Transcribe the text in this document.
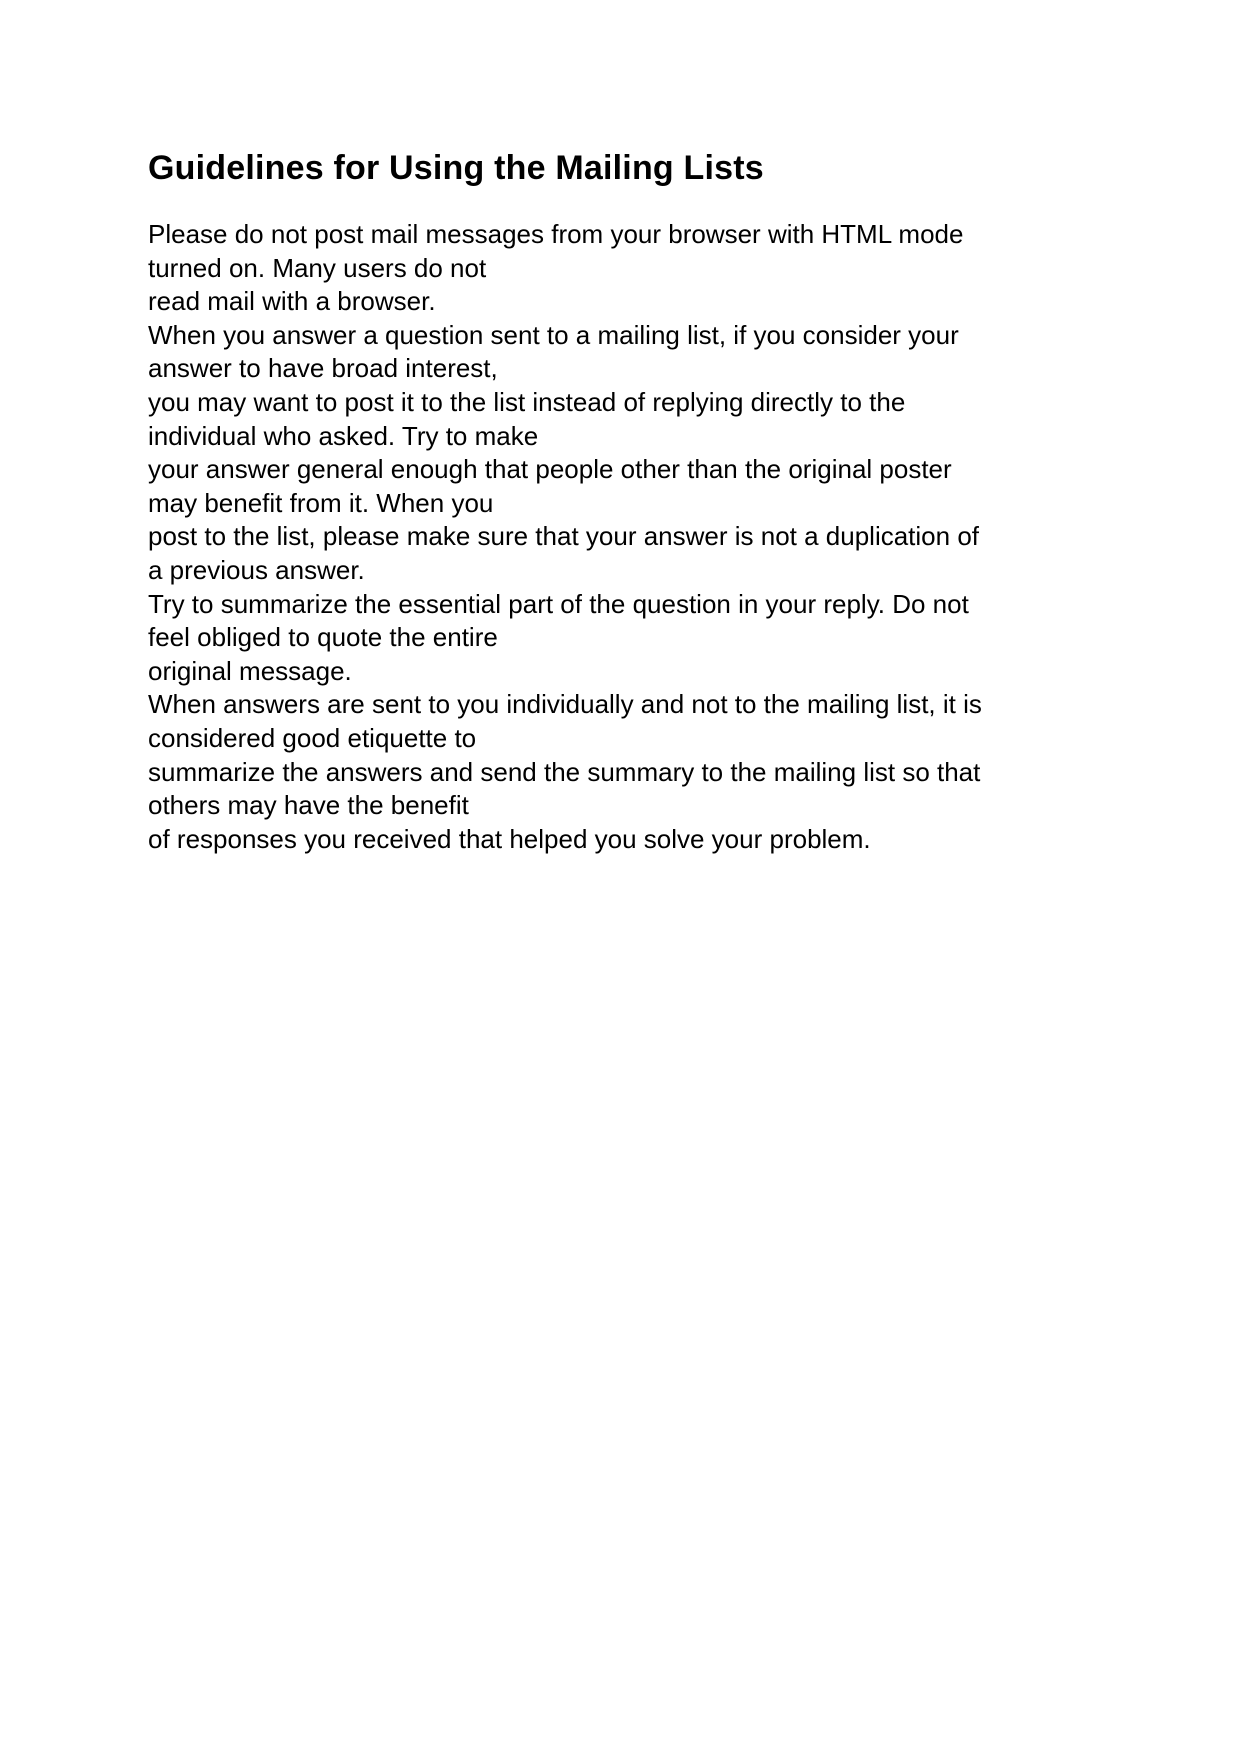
Guidelines for Using the Mailing Lists
Please do not post mail messages from your browser with HTML mode
turned on. Many users do not
read mail with a browser.
When you answer a question sent to a mailing list, if you consider your
answer to have broad interest,
you may want to post it to the list instead of replying directly to the
individual who asked. Try to make
your answer general enough that people other than the original poster
may benefit from it. When you
post to the list, please make sure that your answer is not a duplication of
a previous answer.
Try to summarize the essential part of the question in your reply. Do not
feel obliged to quote the entire
original message.
When answers are sent to you individually and not to the mailing list, it is
considered good etiquette to
summarize the answers and send the summary to the mailing list so that
others may have the benefit
of responses you received that helped you solve your problem.
